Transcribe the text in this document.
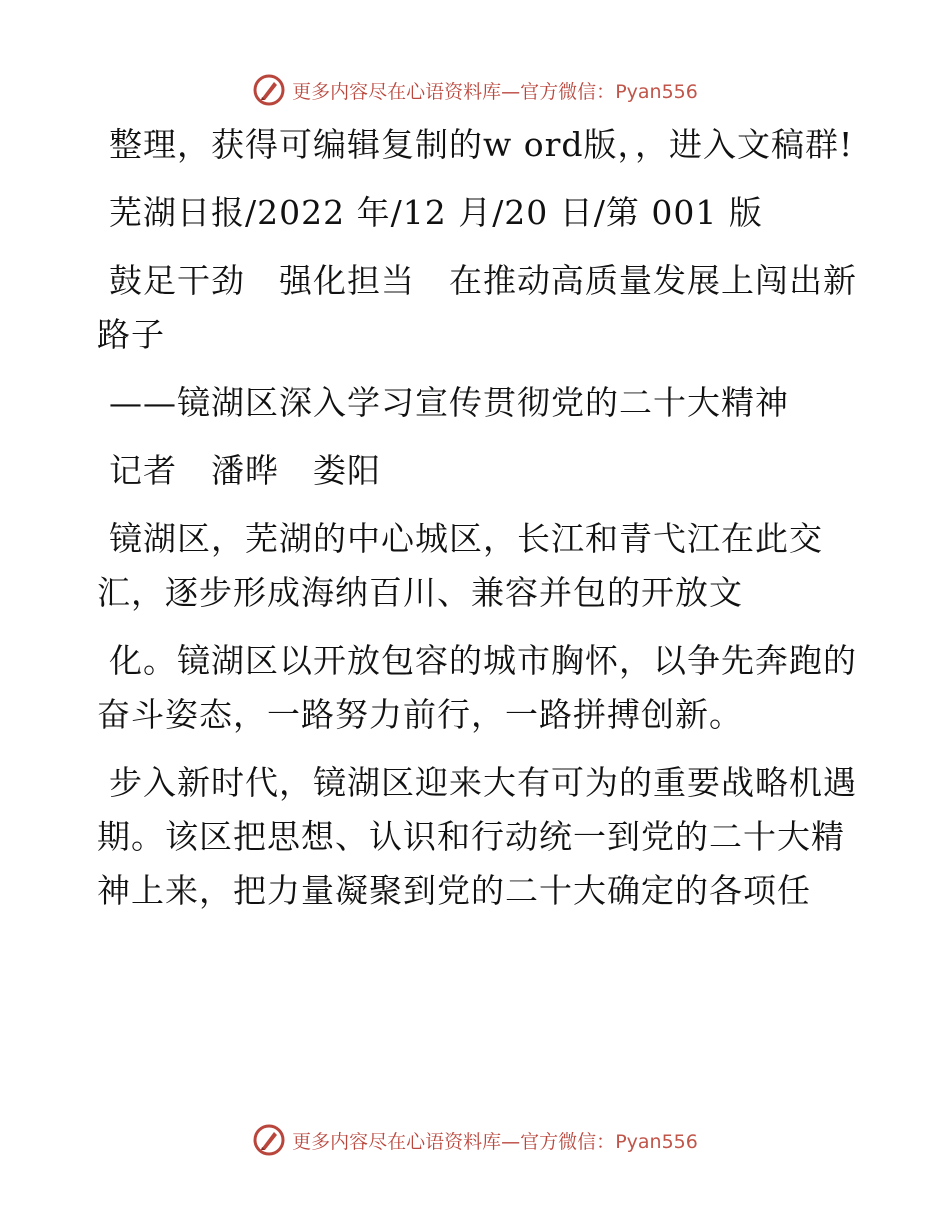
更多内容尽在心语资料库—官方微信：Pyan556

整理，获得可编辑复制的w ord版，，进入文稿群!

芜湖日报/2022 年/12 月/20 日/第 001 版

鼓足干劲　强化担当　在推动高质量发展上闯出新路子

——镜湖区深入学习宣传贯彻党的二十大精神

记者　潘晔　娄阳

镜湖区，芜湖的中心城区，长江和青弋江在此交汇，逐步形成海纳百川、兼容并包的开放文

化。镜湖区以开放包容的城市胸怀，以争先奔跑的奋斗姿态，一路努力前行，一路拼搏创新。

步入新时代，镜湖区迎来大有可为的重要战略机遇期。该区把思想、认识和行动统一到党的二十大精神上来，把力量凝聚到党的二十大确定的各项任

更多内容尽在心语资料库—官方微信：Pyan556
